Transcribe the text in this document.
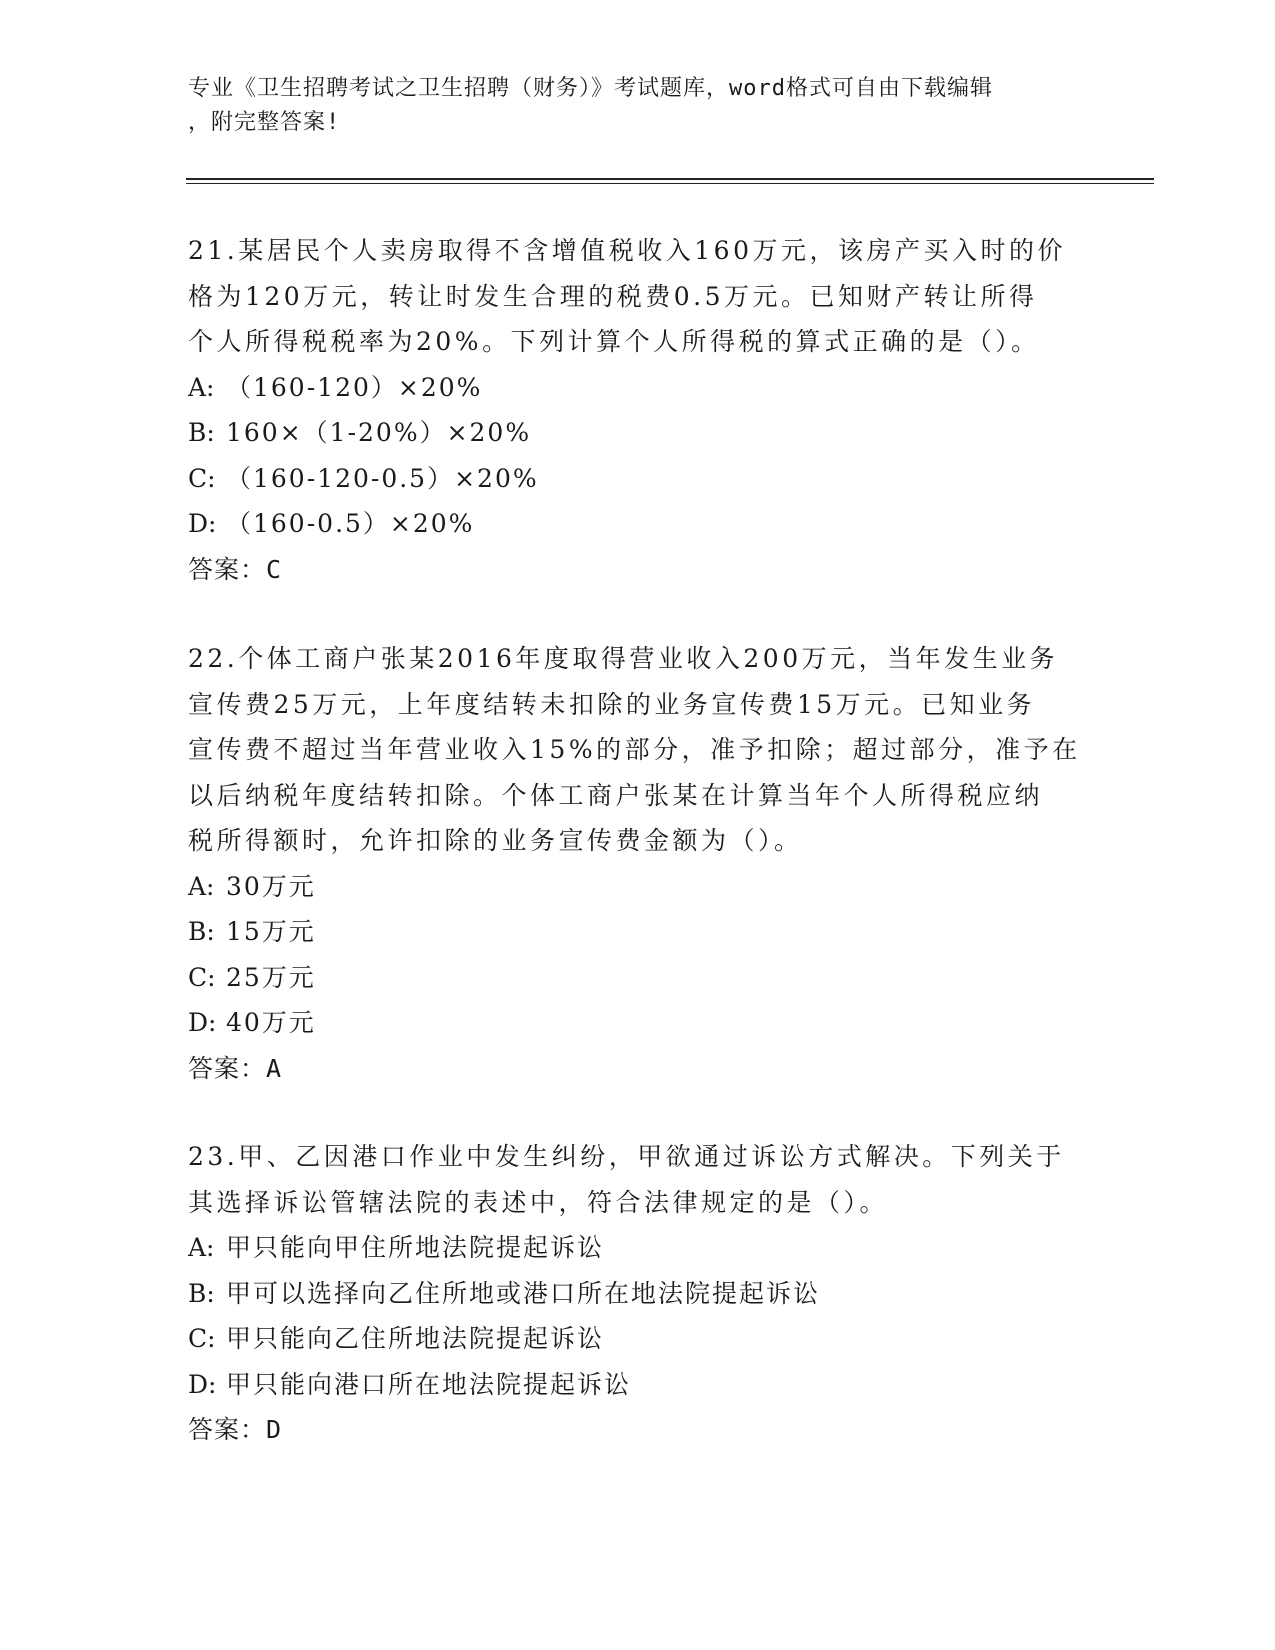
专业《卫生招聘考试之卫生招聘（财务）》考试题库，word格式可自由下载编辑
，附完整答案!
21.某居民个人卖房取得不含增值税收入160万元，该房产买入时的价
格为120万元，转让时发生合理的税费0.5万元。已知财产转让所得
个人所得税税率为20%。下列计算个人所得税的算式正确的是（）。
A: （160-120）×20%
B: 160×（1-20%）×20%
C: （160-120-0.5）×20%
D: （160-0.5）×20%
答案：C
22.个体工商户张某2016年度取得营业收入200万元，当年发生业务
宣传费25万元，上年度结转未扣除的业务宣传费15万元。已知业务
宣传费不超过当年营业收入15%的部分，准予扣除；超过部分，准予在
以后纳税年度结转扣除。个体工商户张某在计算当年个人所得税应纳
税所得额时，允许扣除的业务宣传费金额为（）。
A: 30万元
B: 15万元
C: 25万元
D: 40万元
答案：A
23.甲、乙因港口作业中发生纠纷，甲欲通过诉讼方式解决。下列关于
其选择诉讼管辖法院的表述中，符合法律规定的是（）。
A: 甲只能向甲住所地法院提起诉讼
B: 甲可以选择向乙住所地或港口所在地法院提起诉讼
C: 甲只能向乙住所地法院提起诉讼
D: 甲只能向港口所在地法院提起诉讼
答案：D
